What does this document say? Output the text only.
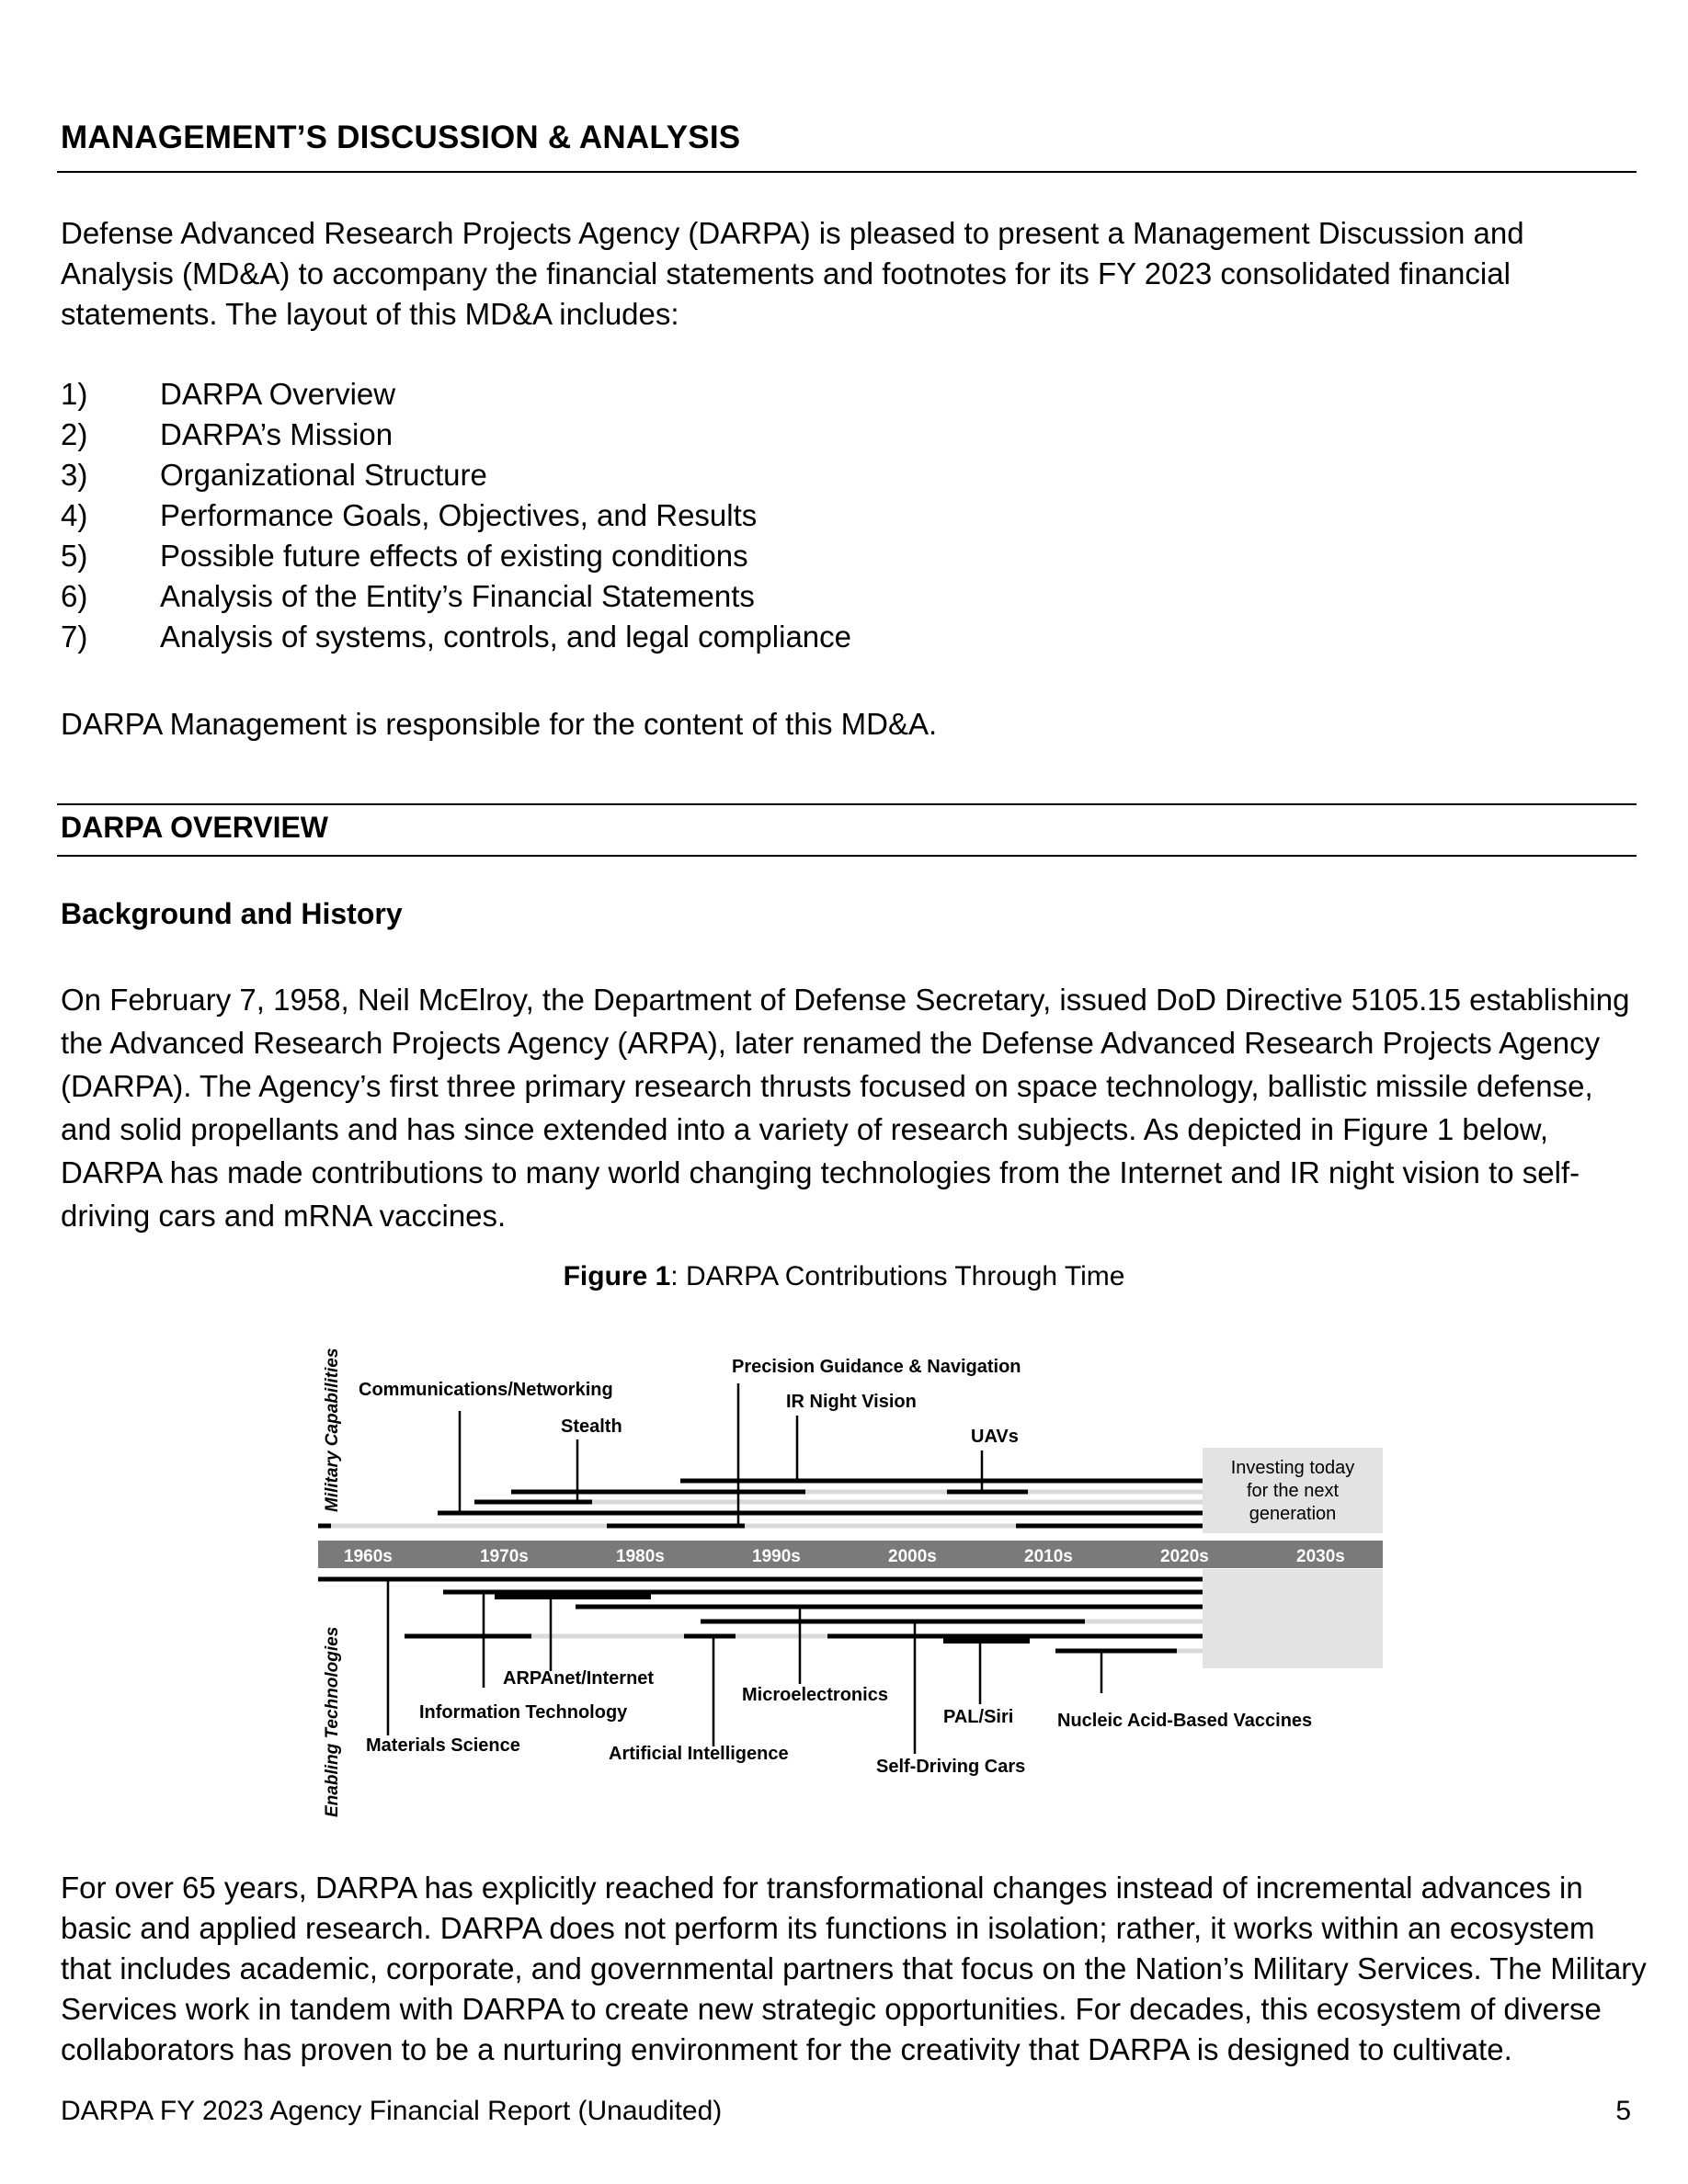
MANAGEMENT’S DISCUSSION & ANALYSIS
Defense Advanced Research Projects Agency (DARPA) is pleased to present a Management Discussion and Analysis (MD&A) to accompany the financial statements and footnotes for its FY 2023 consolidated financial statements. The layout of this MD&A includes:
1)	DARPA Overview
2)	DARPA’s Mission
3)	Organizational Structure
4)	Performance Goals, Objectives, and Results
5)	Possible future effects of existing conditions
6)	Analysis of the Entity’s Financial Statements
7)	Analysis of systems, controls, and legal compliance
DARPA Management is responsible for the content of this MD&A.
DARPA OVERVIEW
Background and History
On February 7, 1958, Neil McElroy, the Department of Defense Secretary, issued DoD Directive 5105.15 establishing the Advanced Research Projects Agency (ARPA), later renamed the Defense Advanced Research Projects Agency (DARPA). The Agency’s first three primary research thrusts focused on space technology, ballistic missile defense, and solid propellants and has since extended into a variety of research subjects. As depicted in Figure 1 below, DARPA has made contributions to many world changing technologies from the Internet and IR night vision to self-driving cars and mRNA vaccines.
Figure 1: DARPA Contributions Through Time
Investing today
for the next
generation
1960s	1970s	1980s	1990s	2000s	2010s	2020s	2030s
Military Capabilities
Enabling Technologies
Communications/Networking
Stealth
Precision Guidance & Navigation
IR Night Vision
UAVs
Materials Science
Information Technology
ARPAnet/Internet
Artificial Intelligence
Microelectronics
Self-Driving Cars
PAL/Siri Nucleic Acid-Based Vaccines
For over 65 years, DARPA has explicitly reached for transformational changes instead of incremental advances in basic and applied research. DARPA does not perform its functions in isolation; rather, it works within an ecosystem that includes academic, corporate, and governmental partners that focus on the Nation’s Military Services. The Military Services work in tandem with DARPA to create new strategic opportunities. For decades, this ecosystem of diverse collaborators has proven to be a nurturing environment for the creativity that DARPA is designed to cultivate.
DARPA FY 2023 Agency Financial Report (Unaudited)	5
